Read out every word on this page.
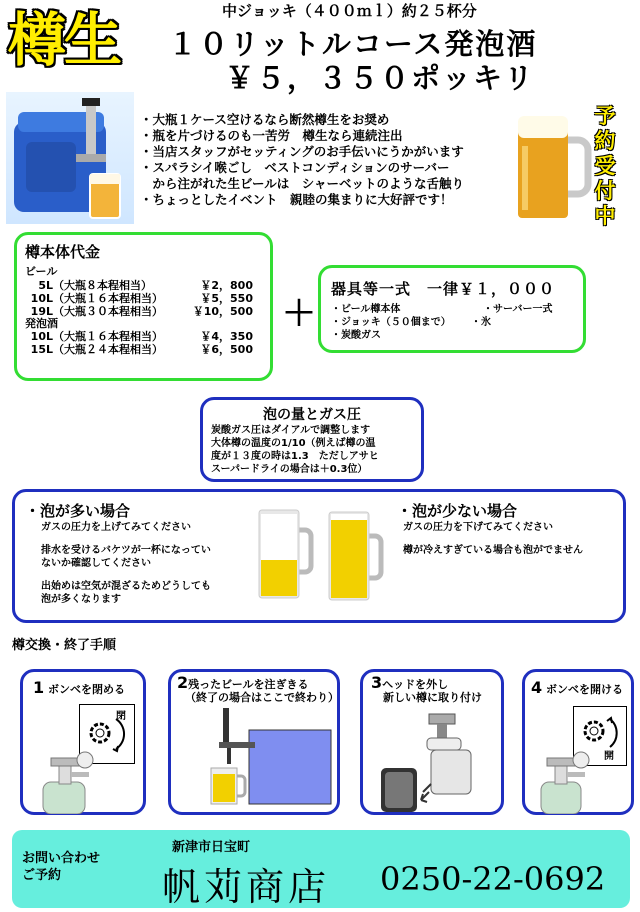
樽生	中ジョッキ（４００ｍｌ）約２５杯分
１０リットルコース発泡酒
￥５，３５０ポッキリ
・大瓶１ケース空けるなら断然樽生をお奨め
・瓶を片づけるのも一苦労　樽生なら連続注出
・当店スタッフがセッティングのお手伝いにうかがいます
・スパラシイ喉ごし　ベストコンディションのサーバー
　から注がれた生ビールは　シャーベットのような舌触り
・ちょっとしたイベント　親睦の集まりに大好評です！
予
約
受
付
中
樽本体代金
ビール
5L （大瓶８本程相当）	￥2，800
10L （大瓶１６本程相当）	￥5，550
19L （大瓶３０本程相当）	￥10，500
発泡酒
10L （大瓶１６本程相当）	￥4，350
15L （大瓶２４本程相当）	￥6，500
＋
器具等一式　一律￥１，０００
・ビール樽本体	・サーバー一式
・ジョッキ（５０個まで） ・氷
・炭酸ガス
泡の量とガス圧
炭酸ガス圧はダイアルで調整します
大体樽の温度の1/10（例えば樽の温
度が１３度の時は1.3　ただしアサヒ
スーパードライの場合は＋0.3位）
・泡が多い場合
ガスの圧力を上げてみてください
排水を受けるバケツが一杯になってい
ないか確認してください
出始めは空気が混ざるためどうしても
泡が多くなります
・泡が少ない場合
ガスの圧力を下げてみてください
樽が冷えすぎている場合も泡がでません
樽交換・終了手順
1 ボンベを閉める
閉
2残ったビールを注ぎきる
（終了の場合はここで終わり）
3ヘッドを外し
新しい樽に取り付け
4 ボンベを開ける
開
お問い合わせ
ご予約
新津市日宝町
帆苅商店 0250-22-0692
